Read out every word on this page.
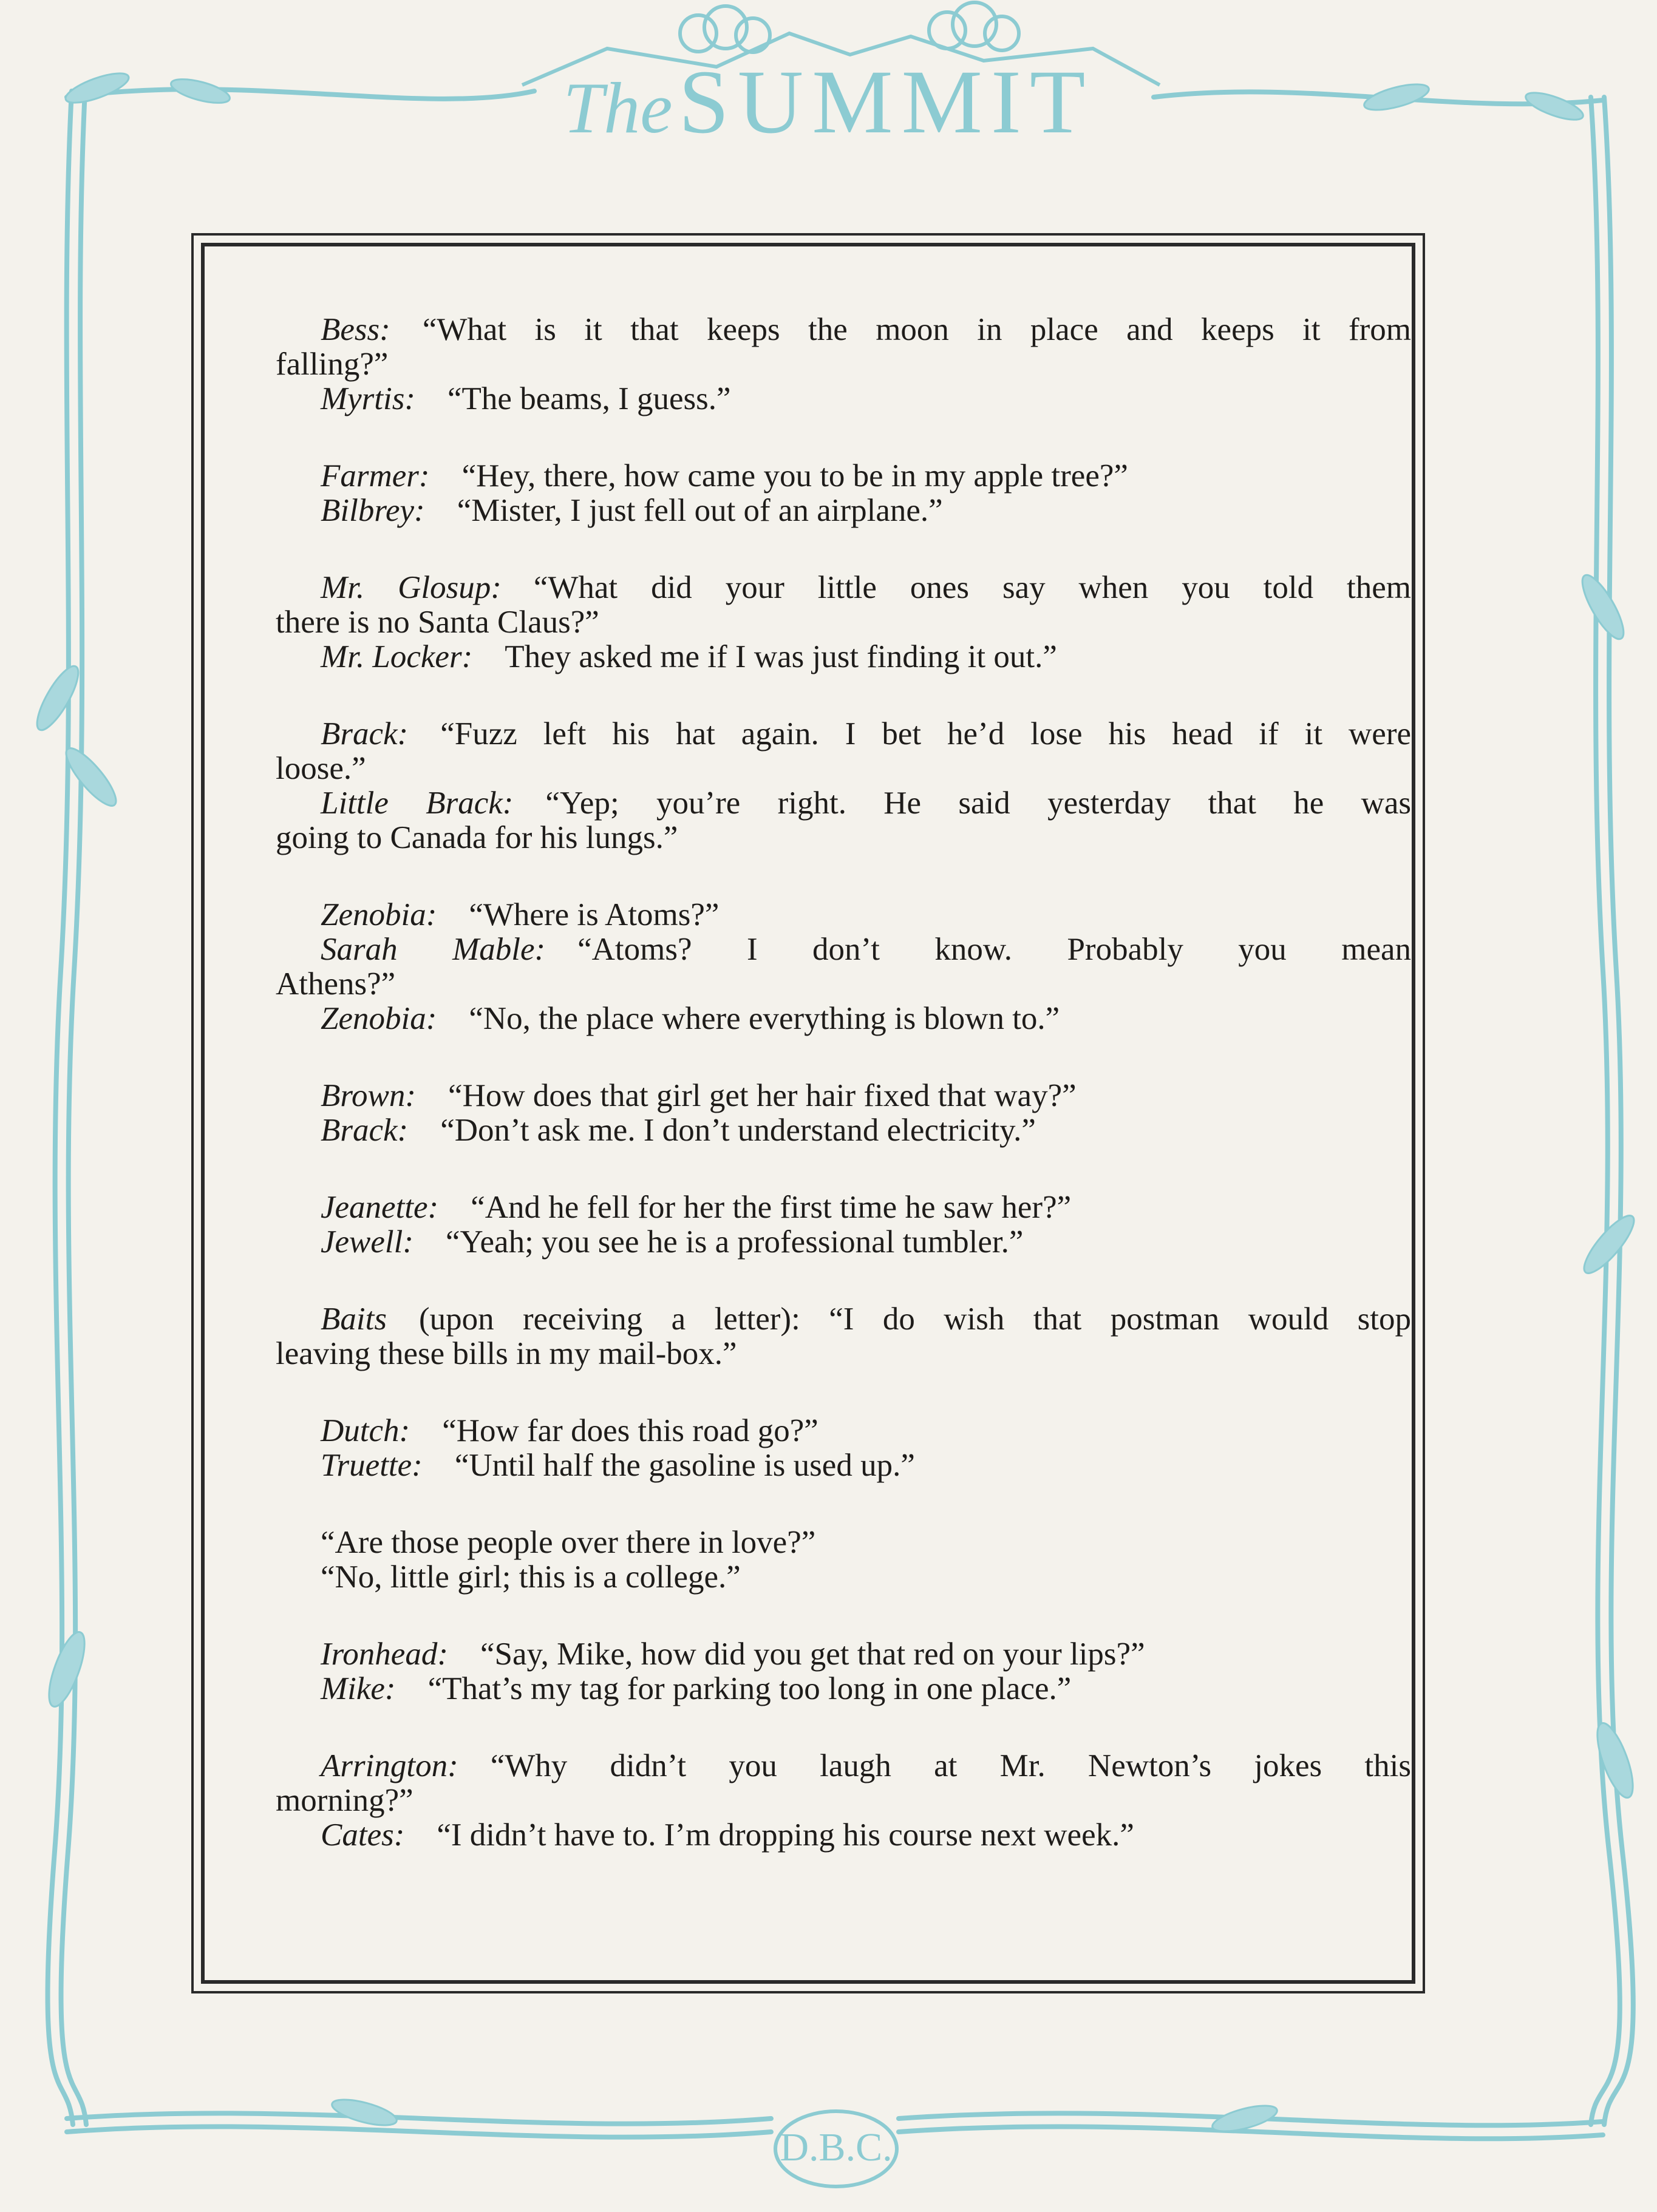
TheSUMMIT
Bess:  “What is it that keeps the moon in place and keeps it from
falling?”
Myrtis:  “The beams, I guess.”
Farmer:  “Hey, there, how came you to be in my apple tree?”
Bilbrey:  “Mister, I just fell out of an airplane.”
Mr. Glosup:  “What did your little ones say when you told them
there is no Santa Claus?”
Mr. Locker:  They asked me if I was just finding it out.”
Brack:  “Fuzz left his hat again. I bet he’d lose his head if it were
loose.”
Little Brack:  “Yep; you’re right. He said yesterday that he was
going to Canada for his lungs.”
Zenobia:  “Where is Atoms?”
Sarah Mable:  “Atoms? I don’t know. Probably you mean
Athens?”
Zenobia:  “No, the place where everything is blown to.”
Brown:  “How does that girl get her hair fixed that way?”
Brack:  “Don’t ask me. I don’t understand electricity.”
Jeanette:  “And he fell for her the first time he saw her?”
Jewell:  “Yeah; you see he is a professional tumbler.”
Baits  (upon receiving a letter): “I do wish that postman would stop
leaving these bills in my mail-box.”
Dutch:  “How far does this road go?”
Truette:  “Until half the gasoline is used up.”
“Are those people over there in love?”
“No, little girl; this is a college.”
Ironhead:  “Say, Mike, how did you get that red on your lips?”
Mike:  “That’s my tag for parking too long in one place.”
Arrington:  “Why didn’t you laugh at Mr. Newton’s jokes this
morning?”
Cates:  “I didn’t have to. I’m dropping his course next week.”
D.B.C.
